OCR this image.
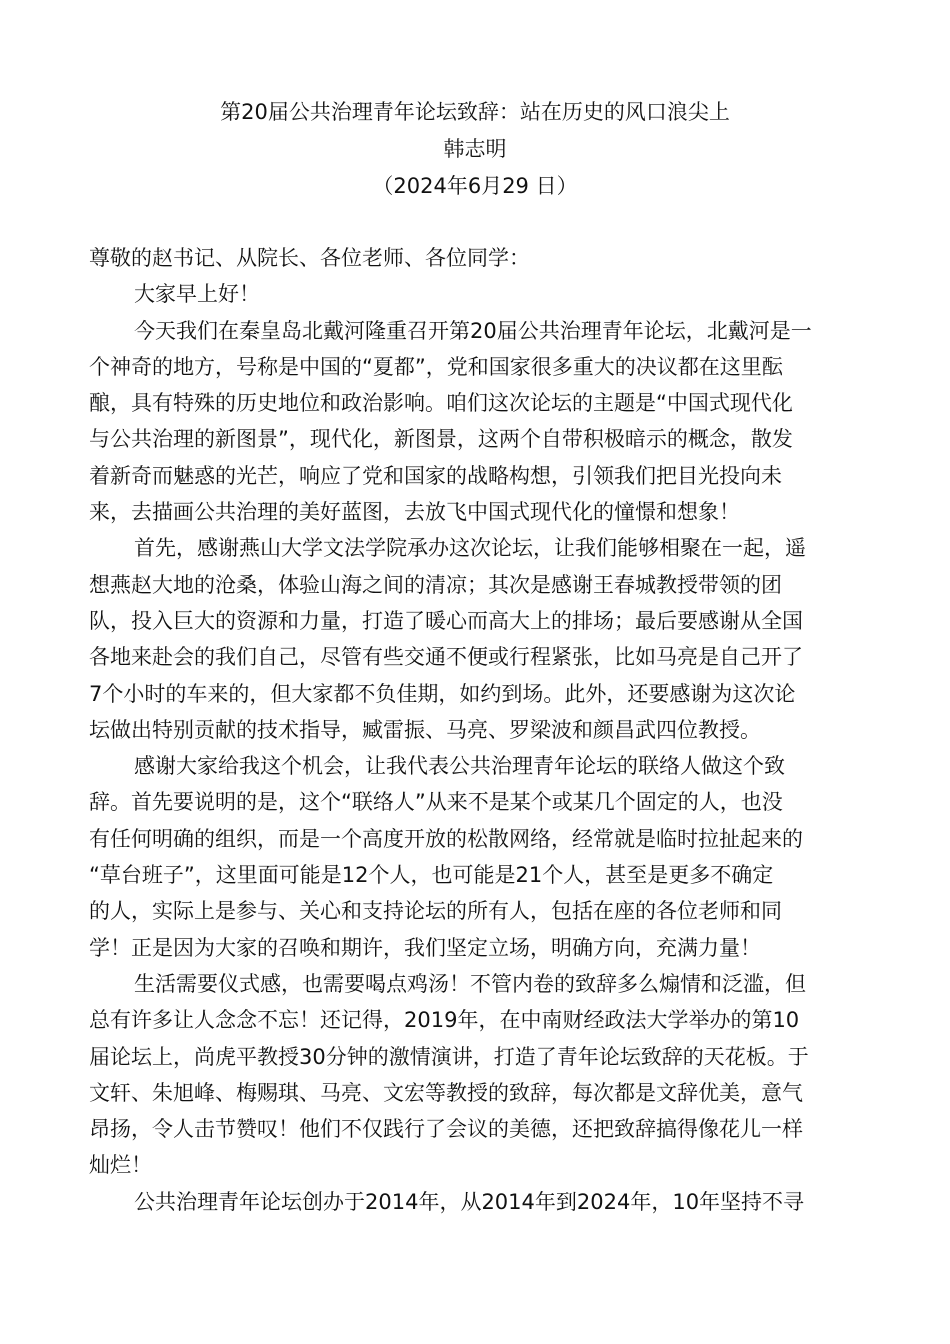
第20届公共治理青年论坛致辞：站在历史的风口浪尖上
韩志明
（2024年6月29 日）

尊敬的赵书记、从院长、各位老师、各位同学：

大家早上好！

今天我们在秦皇岛北戴河隆重召开第20届公共治理青年论坛，北戴河是一
个神奇的地方，号称是中国的“夏都”，党和国家很多重大的决议都在这里酝
酿，具有特殊的历史地位和政治影响。咱们这次论坛的主题是“中国式现代化
与公共治理的新图景”，现代化，新图景，这两个自带积极暗示的概念，散发
着新奇而魅惑的光芒，响应了党和国家的战略构想，引领我们把目光投向未
来，去描画公共治理的美好蓝图，去放飞中国式现代化的憧憬和想象！

首先，感谢燕山大学文法学院承办这次论坛，让我们能够相聚在一起，遥
想燕赵大地的沧桑，体验山海之间的清凉；其次是感谢王春城教授带领的团
队，投入巨大的资源和力量，打造了暖心而高大上的排场；最后要感谢从全国
各地来赴会的我们自己，尽管有些交通不便或行程紧张，比如马亮是自己开了
7个小时的车来的，但大家都不负佳期，如约到场。此外，还要感谢为这次论
坛做出特别贡献的技术指导，臧雷振、马亮、罗梁波和颜昌武四位教授。

感谢大家给我这个机会，让我代表公共治理青年论坛的联络人做这个致
辞。首先要说明的是，这个“联络人”从来不是某个或某几个固定的人，也没
有任何明确的组织，而是一个高度开放的松散网络，经常就是临时拉扯起来的
“草台班子”，这里面可能是12个人，也可能是21个人，甚至是更多不确定
的人，实际上是参与、关心和支持论坛的所有人，包括在座的各位老师和同
学！正是因为大家的召唤和期许，我们坚定立场，明确方向，充满力量！

生活需要仪式感，也需要喝点鸡汤！不管内卷的致辞多么煽情和泛滥，但
总有许多让人念念不忘！还记得，2019年，在中南财经政法大学举办的第10
届论坛上，尚虎平教授30分钟的激情演讲，打造了青年论坛致辞的天花板。于
文轩、朱旭峰、梅赐琪、马亮、文宏等教授的致辞，每次都是文辞优美，意气
昂扬，令人击节赞叹！他们不仅践行了会议的美德，还把致辞搞得像花儿一样
灿烂！

公共治理青年论坛创办于2014年，从2014年到2024年，10年坚持不寻
